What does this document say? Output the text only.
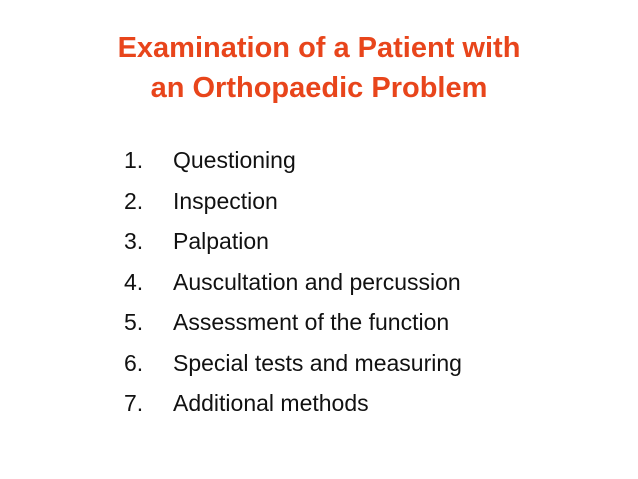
Examination of a Patient with
an Orthopaedic Problem
1.	Questioning
2.	Inspection
3.	Palpation
4.	Auscultation and percussion
5.	Assessment of the function
6.	Special tests and measuring
7.	Additional methods
